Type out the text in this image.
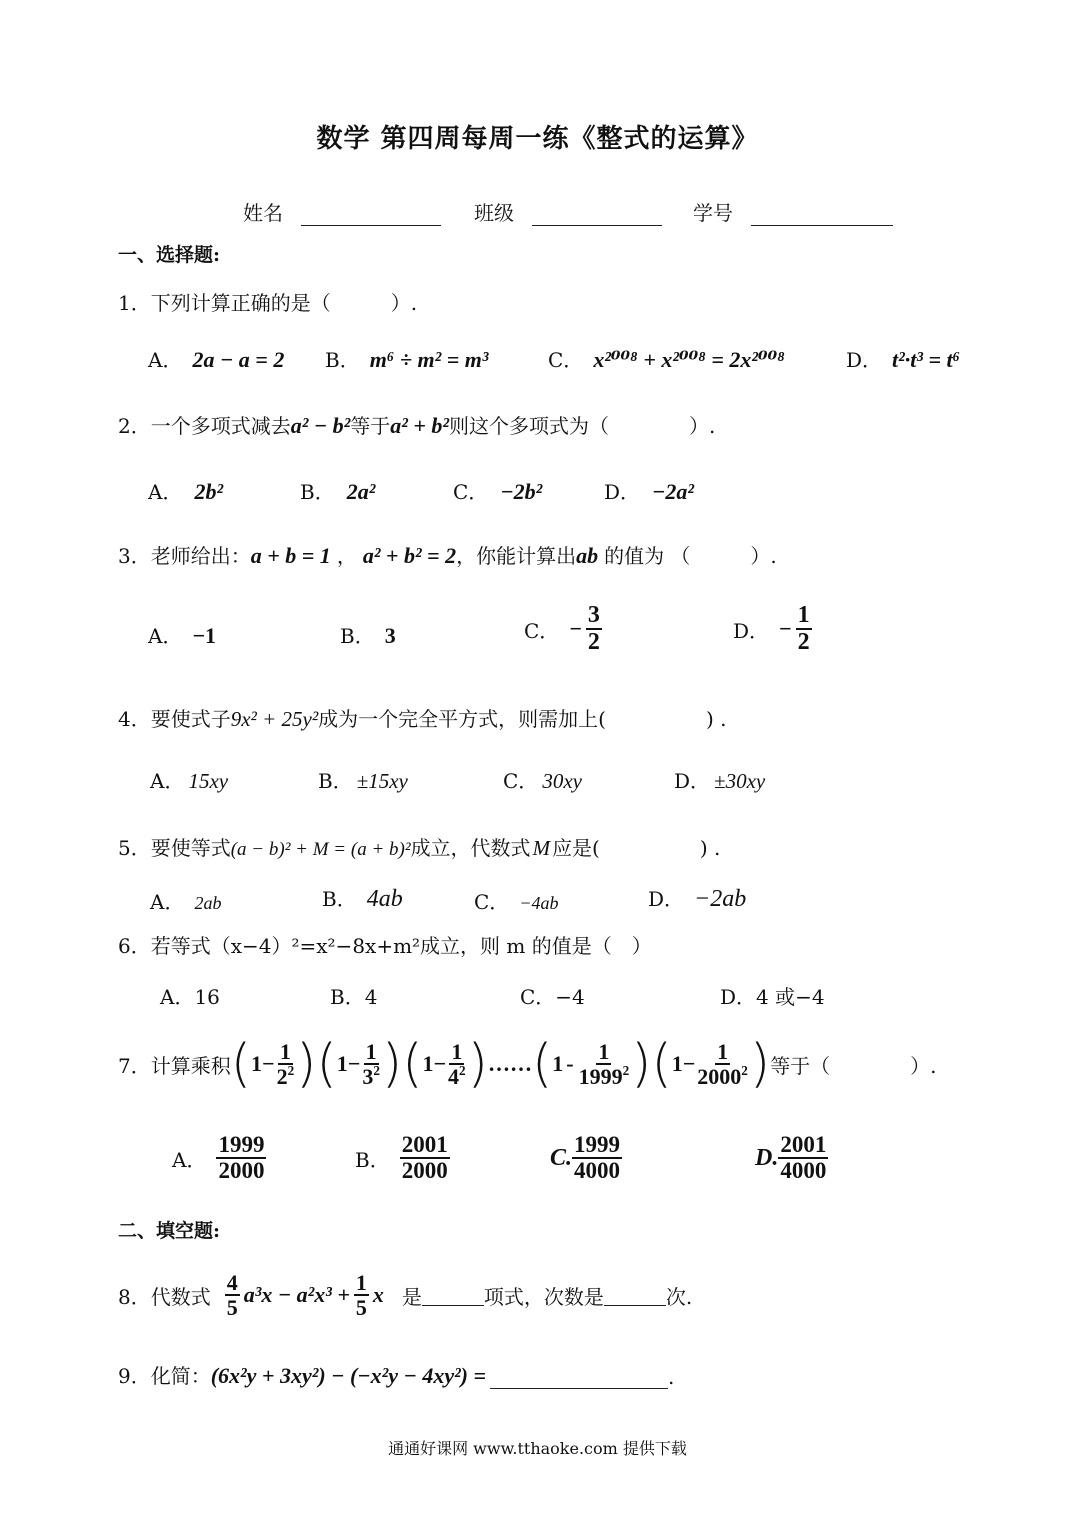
数学 第四周每周一练《整式的运算》
姓名	班级	学号
一、选择题:
1．下列计算正确的是（　　　）.
A． 2a − a = 2 B． m⁶ ÷ m² = m³	C． x²⁰⁰⁸ + x²⁰⁰⁸ = 2x²⁰⁰⁸	D． t²·t³ = t⁶
2．一个多项式减去a² − b²等于a² + b²则这个多项式为（　　　　）.
A． 2b²	B． 2a²	C． −2b²	D． −2a²
3．老师给出：a + b = 1 ， a² + b² = 2，你能计算出ab 的值为 （　　　）.
A． −1	B． 3	C． − $\frac{3}{2}$	D． − $\frac{1}{2}$
4．要使式子9x² + 25y²成为一个完全平方式，则需加上(　　　　　) .
A． 15xy	B． ±15xy	C． 30xy	D． ±30xy
5．要使等式(a − b)² + M = (a + b)²成立，代数式M 应是(　　　　　) .
A． 2ab	B． 4ab	C． −4ab	D． −2ab
6．若等式（x−4）²=x²−8x+m²成立，则 m 的值是（　）
A．16	B．4	C．−4	D．4 或−4
7．计算乘积 ( $1 - \frac{1}{2^2}$ ) ( $1 - \frac{1}{3^2}$ ) ( $1 - \frac{1}{4^2}$ ) …… ( $1 - \frac{1}{1999^2}$ ) ( $1 - \frac{1}{2000^2}$ ) 等于（　　　　）.
A． $\frac{1999}{2000}$	B． $\frac{2001}{2000}$	C. $\frac{1999}{4000}$	D. $\frac{2001}{4000}$
二、填空题:
8．代数式 $\frac{4}{5} a^3x - a^2x^3 + \frac{1}{5}$ x 是	项式，次数是	次.
9．化简： (6x²y + 3xy²) − (−x²y − 4xy²) =	.
通通好课网 www.tthaoke.com 提供下载
